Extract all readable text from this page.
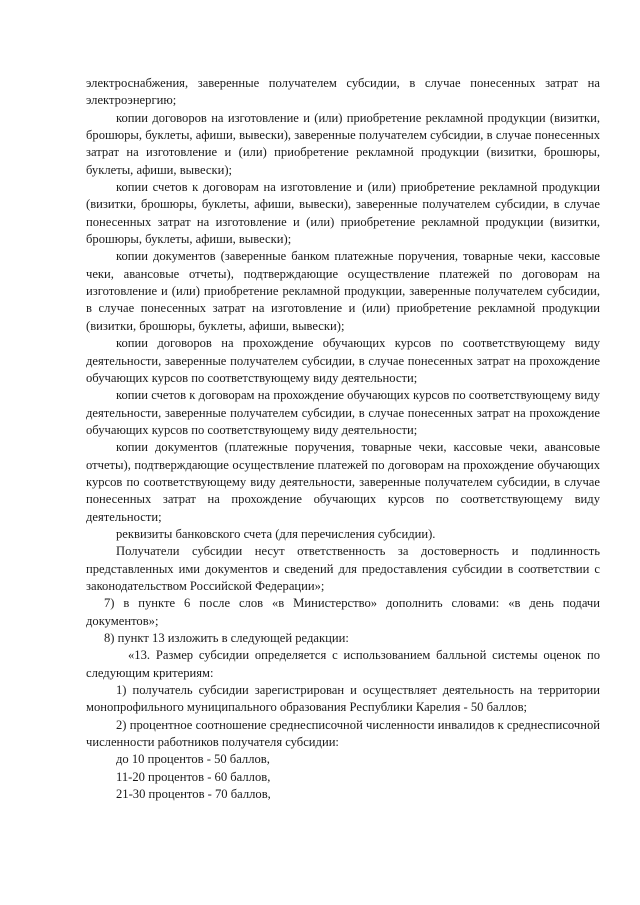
электроснабжения, заверенные получателем субсидии, в случае понесенных затрат на электроэнергию;

копии договоров на изготовление и (или) приобретение рекламной продукции (визитки, брошюры, буклеты, афиши, вывески), заверенные получателем субсидии, в случае понесенных затрат на изготовление и (или) приобретение рекламной продукции (визитки, брошюры, буклеты, афиши, вывески);

копии счетов к договорам на изготовление и (или) приобретение рекламной продукции (визитки, брошюры, буклеты, афиши, вывески), заверенные получателем субсидии, в случае понесенных затрат на изготовление и (или) приобретение рекламной продукции (визитки, брошюры, буклеты, афиши, вывески);

копии документов (заверенные банком платежные поручения, товарные чеки, кассовые чеки, авансовые отчеты), подтверждающие осуществление платежей по договорам на изготовление и (или) приобретение рекламной продукции, заверенные получателем субсидии, в случае понесенных затрат на изготовление и (или) приобретение рекламной продукции (визитки, брошюры, буклеты, афиши, вывески);

копии договоров на прохождение обучающих курсов по соответствующему виду деятельности, заверенные получателем субсидии, в случае понесенных затрат на прохождение обучающих курсов по соответствующему виду деятельности;

копии счетов к договорам на прохождение обучающих курсов по соответствующему виду деятельности, заверенные получателем субсидии, в случае понесенных затрат на прохождение обучающих курсов по соответствующему виду деятельности;

копии документов (платежные поручения, товарные чеки, кассовые чеки, авансовые отчеты), подтверждающие осуществление платежей по договорам на прохождение обучающих курсов по соответствующему виду деятельности, заверенные получателем субсидии, в случае понесенных затрат на прохождение обучающих курсов по соответствующему виду деятельности;

реквизиты банковского счета (для перечисления субсидии).

Получатели субсидии несут ответственность за достоверность и подлинность представленных ими документов и сведений для предоставления субсидии в соответствии с законодательством Российской Федерации»;

7) в пункте 6 после слов «в Министерство» дополнить словами: «в день подачи документов»;

8) пункт 13 изложить в следующей редакции:

«13. Размер субсидии определяется с использованием балльной системы оценок по следующим критериям:

1) получатель субсидии зарегистрирован и осуществляет деятельность на территории монопрофильного муниципального образования Республики Карелия - 50 баллов;

2) процентное соотношение среднесписочной численности инвалидов к среднесписочной численности работников получателя субсидии:

до 10 процентов - 50 баллов,

11-20 процентов - 60 баллов,

21-30 процентов - 70 баллов,
